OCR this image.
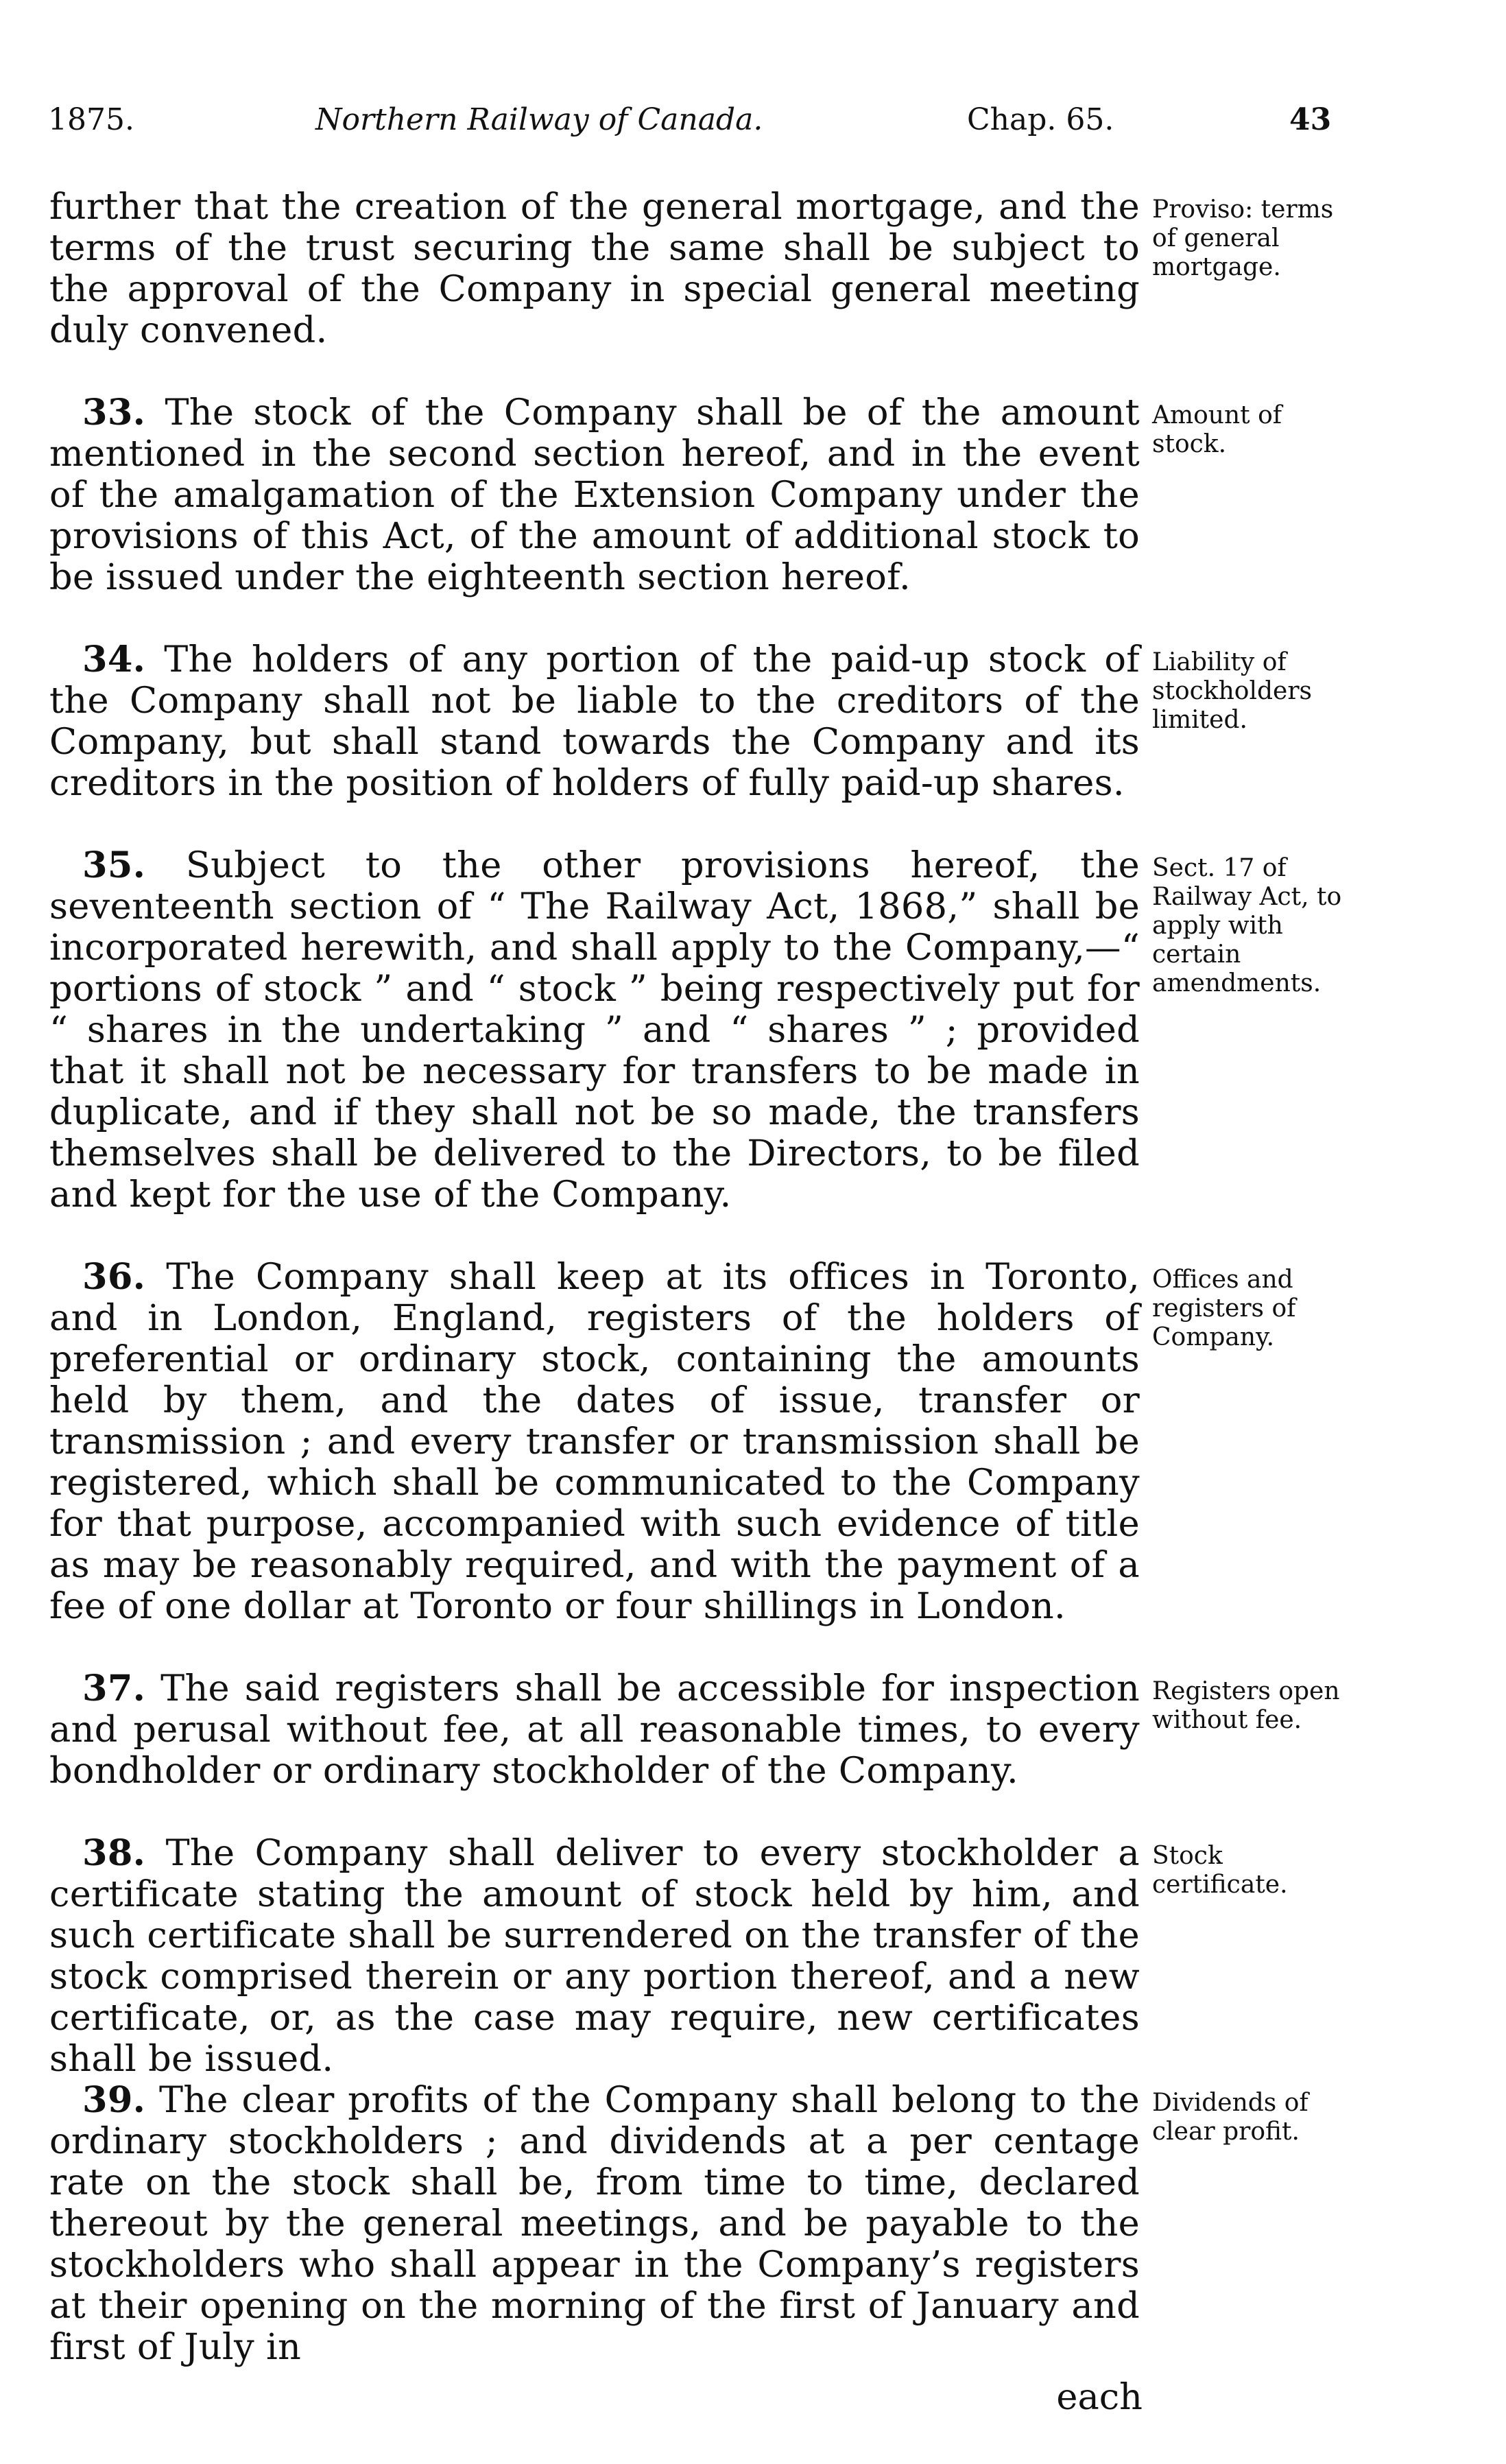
1875.	Northern Railway of Canada.	Chap. 65.	43
further that the creation of the general mortgage, and the terms of the trust securing the same shall be subject to the approval of the Company in special general meeting duly convened.
Proviso: terms of general mortgage.
33. The stock of the Company shall be of the amount mentioned in the second section hereof, and in the event of the amalgamation of the Extension Company under the provisions of this Act, of the amount of additional stock to be issued under the eighteenth section hereof.
Amount of stock.
34. The holders of any portion of the paid-up stock of the Company shall not be liable to the creditors of the Company, but shall stand towards the Company and its creditors in the position of holders of fully paid-up shares.
Liability of stockholders limited.
35. Subject to the other provisions hereof, the seventeenth section of “ The Railway Act, 1868,” shall be incorporated herewith, and shall apply to the Company,—“ portions of stock ” and “ stock ” being respectively put for “ shares in the undertaking ” and “ shares ” ; provided that it shall not be necessary for transfers to be made in duplicate, and if they shall not be so made, the transfers themselves shall be delivered to the Directors, to be filed and kept for the use of the Company.
Sect. 17 of Railway Act, to apply with certain amendments.
36. The Company shall keep at its offices in Toronto, and in London, England, registers of the holders of preferential or ordinary stock, containing the amounts held by them, and the dates of issue, transfer or transmission ; and every transfer or transmission shall be registered, which shall be communicated to the Company for that purpose, accompanied with such evidence of title as may be reasonably required, and with the payment of a fee of one dollar at Toronto or four shillings in London.
Offices and registers of Company.
37. The said registers shall be accessible for inspection and perusal without fee, at all reasonable times, to every bondholder or ordinary stockholder of the Company.
Registers open without fee.
38. The Company shall deliver to every stockholder a certificate stating the amount of stock held by him, and such certificate shall be surrendered on the transfer of the stock comprised therein or any portion thereof, and a new certificate, or, as the case may require, new certificates shall be issued.
Stock certificate.
39. The clear profits of the Company shall belong to the ordinary stockholders ; and dividends at a per centage rate on the stock shall be, from time to time, declared thereout by the general meetings, and be payable to the stockholders who shall appear in the Company’s registers at their opening on the morning of the first of January and first of July in
Dividends of clear profit.
each
